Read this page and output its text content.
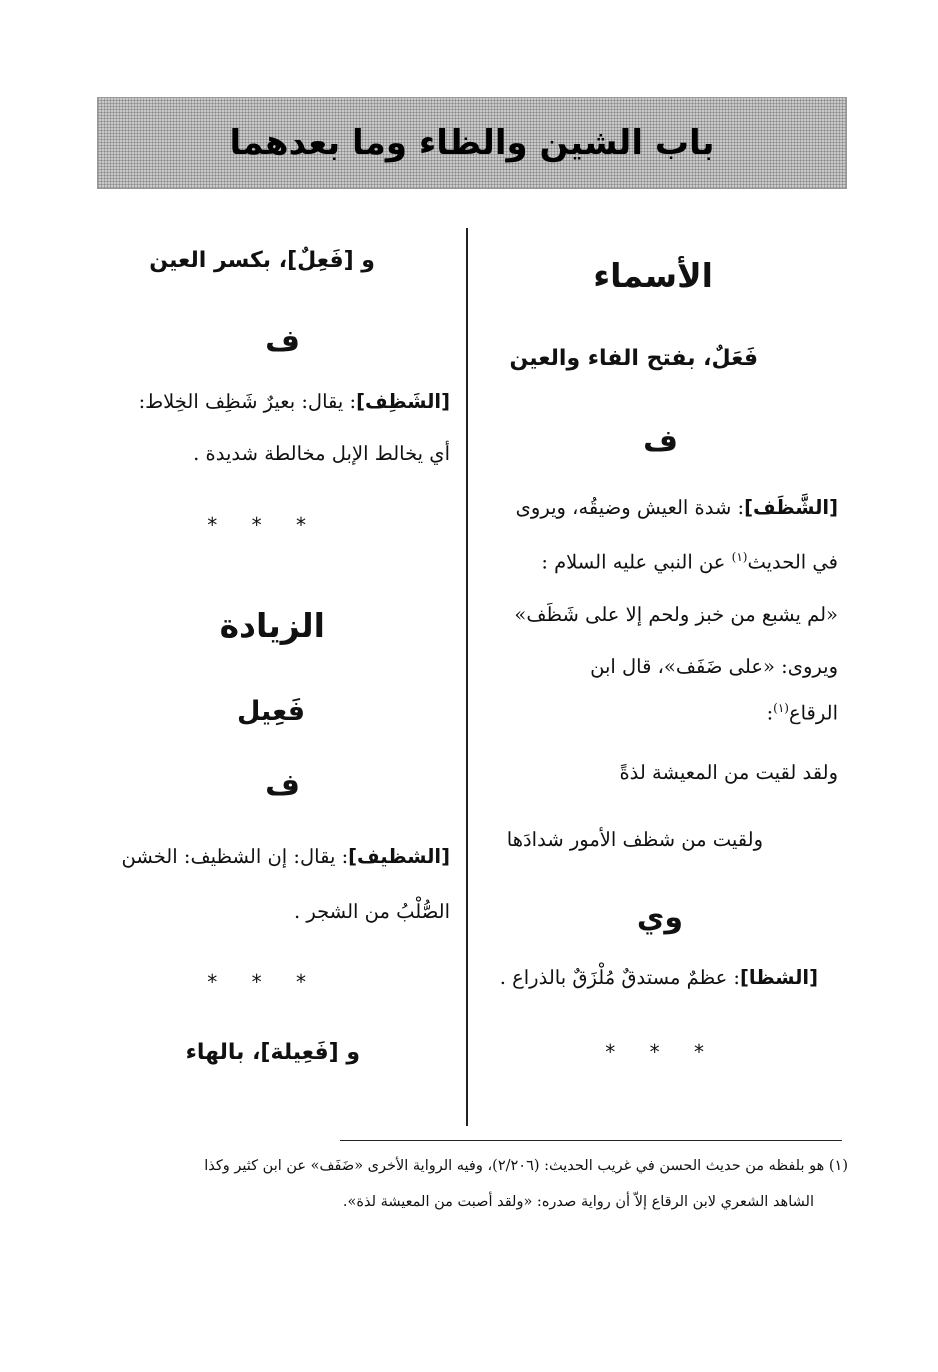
باب الشين والظاء وما بعدهما
الأسماء
فَعَلٌ، بفتح الفاء والعين
ف
[الشَّظَف]: شدة العيش وضيقُه، ويروى
في الحديث$^{(١)}$ عن النبي عليه السلام :
«لم يشبع من خبز ولحم إلا على شَظَف»
ويروى: «على ضَفَف»، قال ابن
الرقاع$^{(١)}$:
ولقد لقيت من المعيشة لذةً
ولقيت من شظف الأمور شدادَها
وي
[الشظا]: عظمٌ مستدقٌ مُلْزَقٌ بالذراع .
* * *
و [فَعِلٌ]، بكسر العين
ف
[الشَظِف]: يقال: بعيرٌ شَظِف الخِلاط:
أي يخالط الإبل مخالطة شديدة .
* * *
الزيادة
فَعِيل
ف
[الشظيف]: يقال: إن الشظيف: الخشن
الصُّلْبُ من الشجر .
* * *
و [فَعِيلة]، بالهاء
(١) هو بلفظه من حديث الحسن في غريب الحديث: (٢/٢٠٦)، وفيه الرواية الأخرى «ضَفَف» عن ابن كثير وكذا
الشاهد الشعري لابن الرقاع إلاّ أن رواية صدره: «ولقد أصبت من المعيشة لذة».
